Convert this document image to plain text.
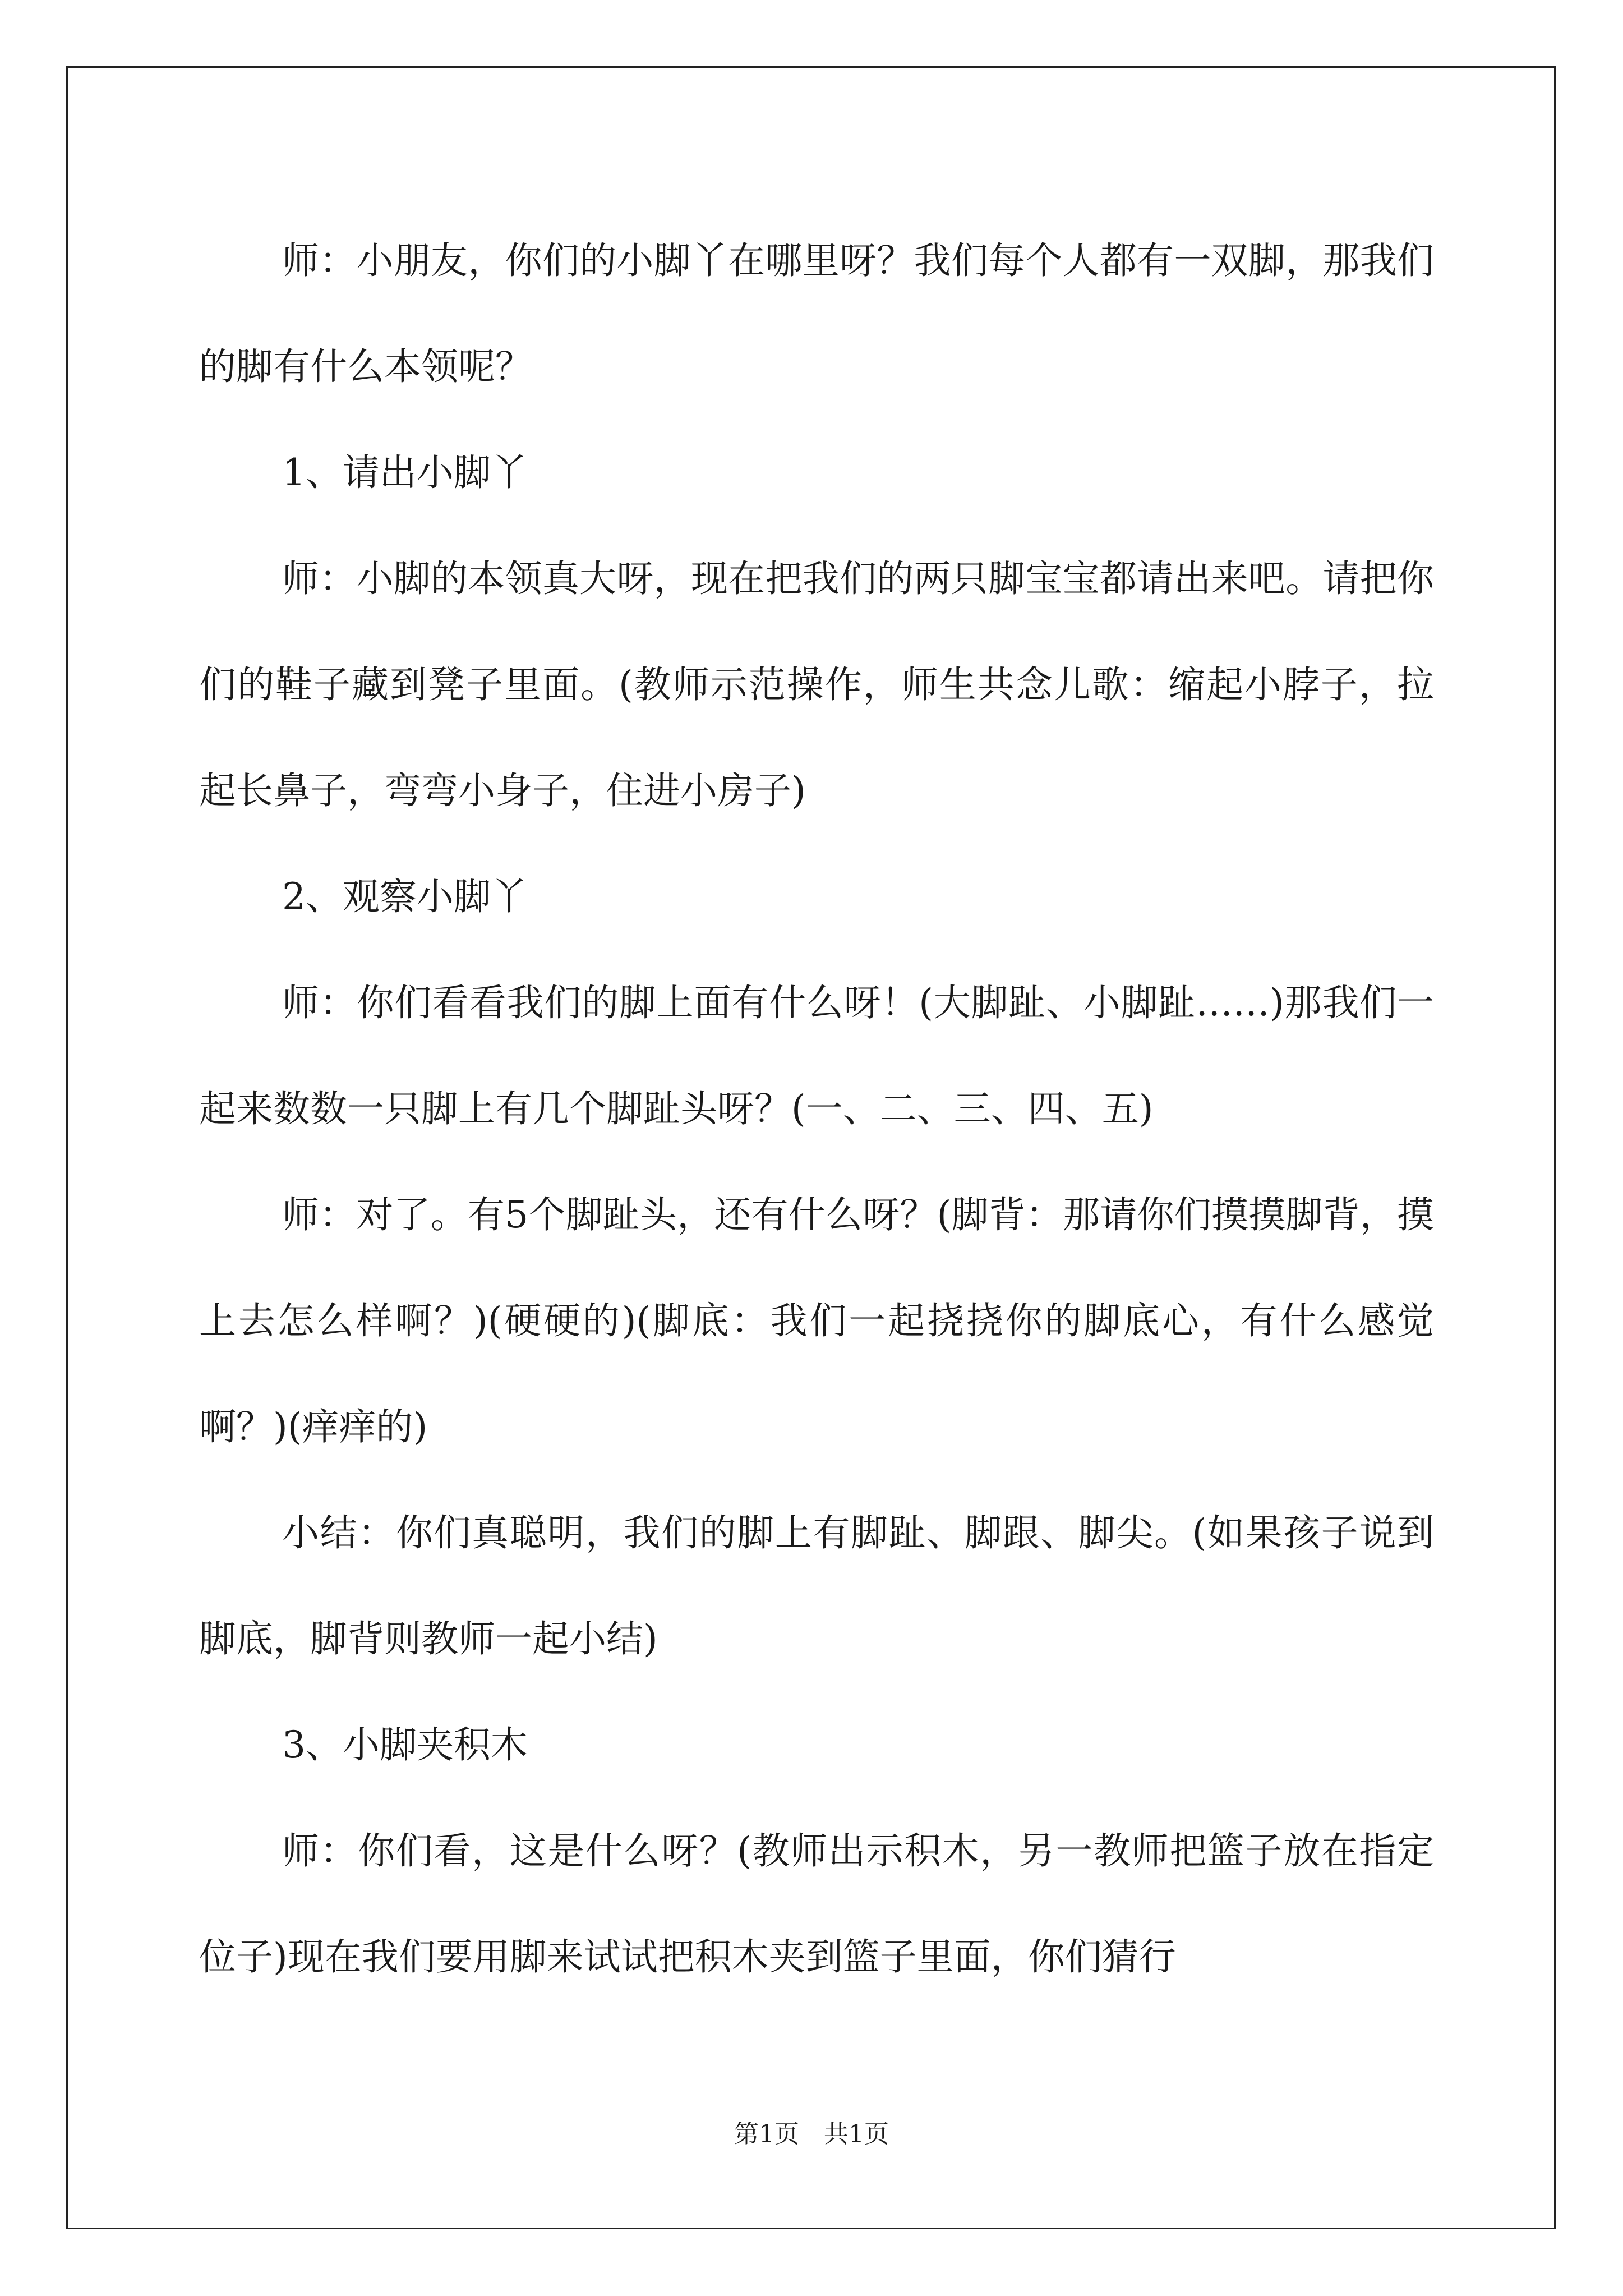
师：小朋友，你们的小脚丫在哪里呀？我们每个人都有一双脚，那我们的脚有什么本领呢？

1、请出小脚丫

师：小脚的本领真大呀，现在把我们的两只脚宝宝都请出来吧。请把你们的鞋子藏到凳子里面。(教师示范操作，师生共念儿歌：缩起小脖子，拉起长鼻子，弯弯小身子，住进小房子)

2、观察小脚丫

师：你们看看我们的脚上面有什么呀！(大脚趾、小脚趾……)那我们一起来数数一只脚上有几个脚趾头呀？(一、二、三、四、五)

师：对了。有5个脚趾头，还有什么呀？(脚背：那请你们摸摸脚背，摸上去怎么样啊？)(硬硬的)(脚底：我们一起挠挠你的脚底心，有什么感觉啊？)(痒痒的)

小结：你们真聪明，我们的脚上有脚趾、脚跟、脚尖。(如果孩子说到脚底，脚背则教师一起小结)

3、小脚夹积木

师：你们看，这是什么呀？(教师出示积木，另一教师把篮子放在指定位子)现在我们要用脚来试试把积木夹到篮子里面，你们猜行

第1页　共1页
